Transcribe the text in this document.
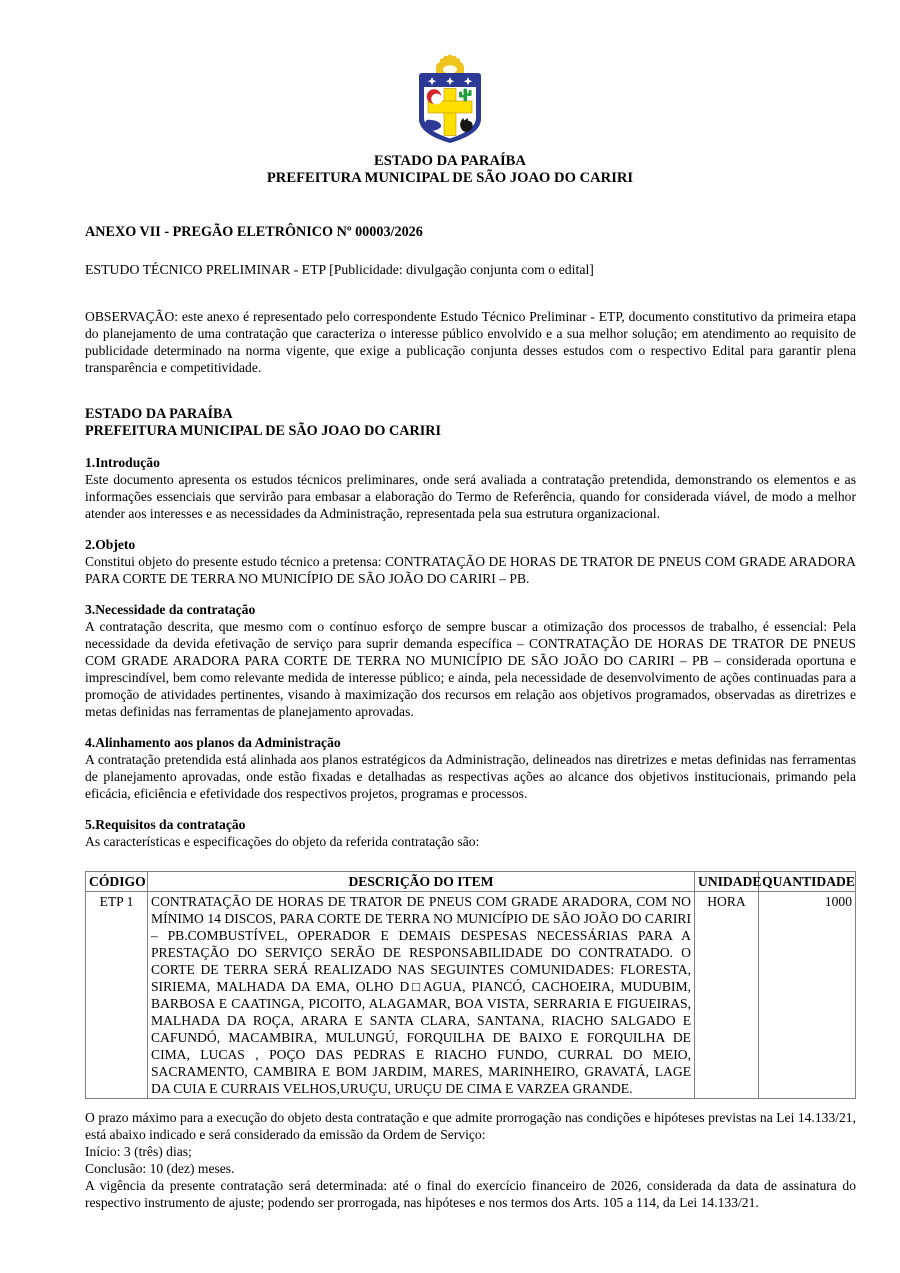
ESTADO DA PARAÍBA
PREFEITURA MUNICIPAL DE SÃO JOAO DO CARIRI

ANEXO VII - PREGÃO ELETRÔNICO Nº 00003/2026

ESTUDO TÉCNICO PRELIMINAR - ETP [Publicidade: divulgação conjunta com o edital]

OBSERVAÇÃO: este anexo é representado pelo correspondente Estudo Técnico Preliminar - ETP, documento constitutivo da primeira etapa do planejamento de uma contratação que caracteriza o interesse público envolvido e a sua melhor solução; em atendimento ao requisito de publicidade determinado na norma vigente, que exige a publicação conjunta desses estudos com o respectivo Edital para garantir plena transparência e competitividade.

ESTADO DA PARAÍBA
PREFEITURA MUNICIPAL DE SÃO JOAO DO CARIRI

1.Introdução

Este documento apresenta os estudos técnicos preliminares, onde será avaliada a contratação pretendida, demonstrando os elementos e as informações essenciais que servirão para embasar a elaboração do Termo de Referência, quando for considerada viável, de modo a melhor atender aos interesses e as necessidades da Administração, representada pela sua estrutura organizacional.

2.Objeto

Constitui objeto do presente estudo técnico a pretensa: CONTRATAÇÃO DE HORAS DE TRATOR DE PNEUS COM GRADE ARADORA PARA CORTE DE TERRA NO MUNICÍPIO DE SÃO JOÃO DO CARIRI – PB.

3.Necessidade da contratação

A contratação descrita, que mesmo com o contínuo esforço de sempre buscar a otimização dos processos de trabalho, é essencial: Pela necessidade da devida efetivação de serviço para suprir demanda específica – CONTRATAÇÃO DE HORAS DE TRATOR DE PNEUS COM GRADE ARADORA PARA CORTE DE TERRA NO MUNICÍPIO DE SÃO JOÃO DO CARIRI – PB – considerada oportuna e imprescindível, bem como relevante medida de interesse público; e ainda, pela necessidade de desenvolvimento de ações continuadas para a promoção de atividades pertinentes, visando à maximização dos recursos em relação aos objetivos programados, observadas as diretrizes e metas definidas nas ferramentas de planejamento aprovadas.

4.Alinhamento aos planos da Administração

A contratação pretendida está alinhada aos planos estratégicos da Administração, delineados nas diretrizes e metas definidas nas ferramentas de planejamento aprovadas, onde estão fixadas e detalhadas as respectivas ações ao alcance dos objetivos institucionais, primando pela eficácia, eficiência e efetividade dos respectivos projetos, programas e processos.

5.Requisitos da contratação

As características e especificações do objeto da referida contratação são:

CÓDIGO	DESCRIÇÃO DO ITEM	UNIDADE	QUANTIDADE
ETP 1	CONTRATAÇÃO DE HORAS DE TRATOR DE PNEUS COM GRADE ARADORA, COM NO MÍNIMO 14 DISCOS, PARA CORTE DE TERRA NO MUNICÍPIO DE SÃO JOÃO DO CARIRI – PB.COMBUSTÍVEL, OPERADOR E DEMAIS DESPESAS NECESSÁRIAS PARA A PRESTAÇÃO DO SERVIÇO SERÃO DE RESPONSABILIDADE DO CONTRATADO. O CORTE DE TERRA SERÁ REALIZADO NAS SEGUINTES COMUNIDADES: FLORESTA, SIRIEMA, MALHADA DA EMA, OLHO D□AGUA, PIANCÓ, CACHOEIRA, MUDUBIM, BARBOSA E CAATINGA, PICOITO, ALAGAMAR, BOA VISTA, SERRARIA E FIGUEIRAS, MALHADA DA ROÇA, ARARA E SANTA CLARA, SANTANA, RIACHO SALGADO E CAFUNDÓ, MACAMBIRA, MULUNGÚ, FORQUILHA DE BAIXO E FORQUILHA DE CIMA, LUCAS , POÇO DAS PEDRAS E RIACHO FUNDO, CURRAL DO MEIO, SACRAMENTO, CAMBIRA E BOM JARDIM, MARES, MARINHEIRO, GRAVATÁ, LAGE DA CUIA E CURRAIS VELHOS,URUÇU, URUÇU DE CIMA E VARZEA GRANDE.	HORA	1000

O prazo máximo para a execução do objeto desta contratação e que admite prorrogação nas condições e hipóteses previstas na Lei 14.133/21, está abaixo indicado e será considerado da emissão da Ordem de Serviço:

Início: 3 (três) dias;

Conclusão: 10 (dez) meses.

A vigência da presente contratação será determinada: até o final do exercício financeiro de 2026, considerada da data de assinatura do respectivo instrumento de ajuste; podendo ser prorrogada, nas hipóteses e nos termos dos Arts. 105 a 114, da Lei 14.133/21.
